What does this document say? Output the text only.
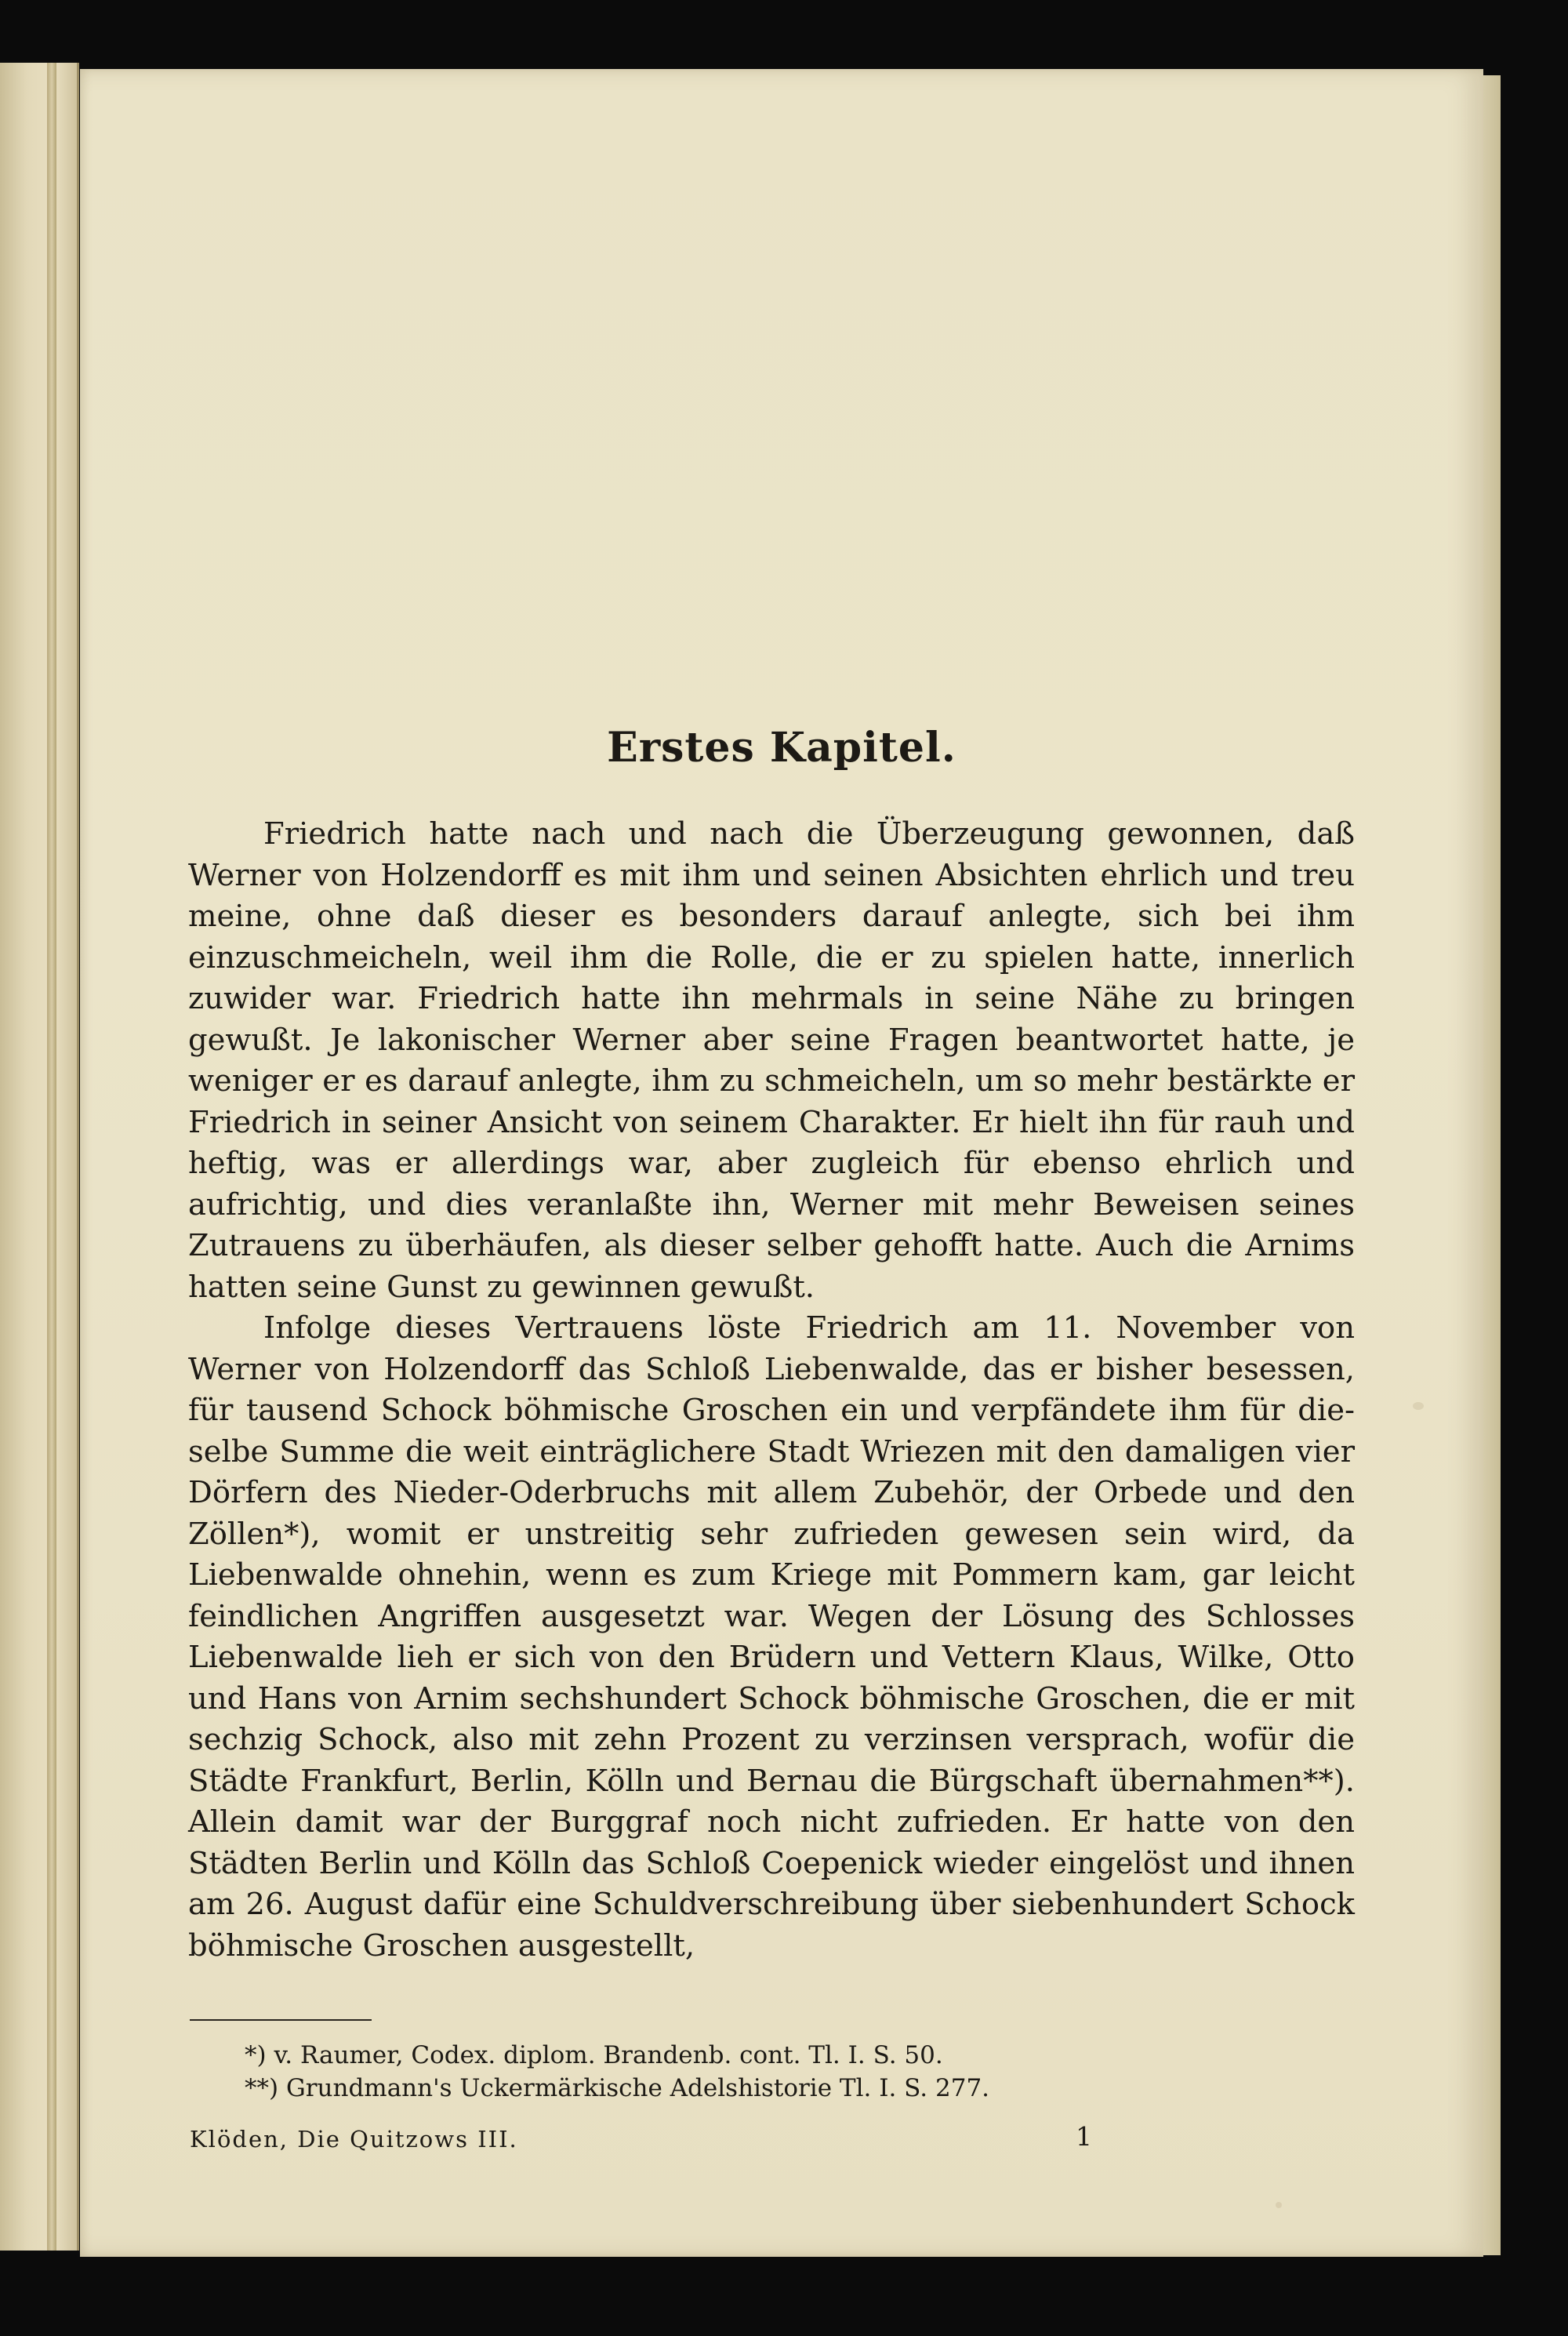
Erstes Kapitel.

Friedrich hatte nach und nach die Überzeugung gewonnen, daß Werner von Holzendorff es mit ihm und seinen Absichten ehrlich und treu meine, ohne daß dieser es besonders darauf anlegte, sich bei ihm einzuschmeicheln, weil ihm die Rolle, die er zu spielen hatte, innerlich zuwider war. Friedrich hatte ihn mehrmals in seine Nähe zu bringen gewußt. Je lakonischer Werner aber seine Fragen beantwortet hatte, je weniger er es darauf anlegte, ihm zu schmeicheln, um so mehr bestärkte er Friedrich in seiner Ansicht von seinem Charakter. Er hielt ihn für rauh und heftig, was er allerdings war, aber zugleich für ebenso ehrlich und aufrichtig, und dies veranlaßte ihn, Werner mit mehr Beweisen seines Zutrauens zu überhäufen, als dieser selber gehofft hatte. Auch die Arnims hatten seine Gunst zu gewinnen gewußt.

Infolge dieses Vertrauens löste Friedrich am 11. November von Werner von Holzendorff das Schloß Liebenwalde, das er bisher besessen, für tausend Schock böhmische Groschen ein und verpfändete ihm für dieselbe Summe die weit einträglichere Stadt Wriezen mit den damaligen vier Dörfern des Nieder-Oderbruchs mit allem Zubehör, der Orbede und den Zöllen*), womit er unstreitig sehr zufrieden gewesen sein wird, da Liebenwalde ohnehin, wenn es zum Kriege mit Pommern kam, gar leicht feindlichen Angriffen ausgesetzt war. Wegen der Lösung des Schlosses Liebenwalde lieh er sich von den Brüdern und Vettern Klaus, Wilke, Otto und Hans von Arnim sechshundert Schock böhmische Groschen, die er mit sechzig Schock, also mit zehn Prozent zu verzinsen versprach, wofür die Städte Frankfurt, Berlin, Kölln und Bernau die Bürgschaft übernahmen**). Allein damit war der Burggraf noch nicht zufrieden. Er hatte von den Städten Berlin und Kölln das Schloß Coepenick wieder eingelöst und ihnen am 26. August dafür eine Schuldverschreibung über siebenhundert Schock böhmische Groschen ausgestellt,

*) v. Raumer, Codex. diplom. Brandenb. cont. Tl. I. S. 50.
**) Grundmann's Uckermärkische Adelshistorie Tl. I. S. 277.
Klöden, Die Quitzows III.	1
